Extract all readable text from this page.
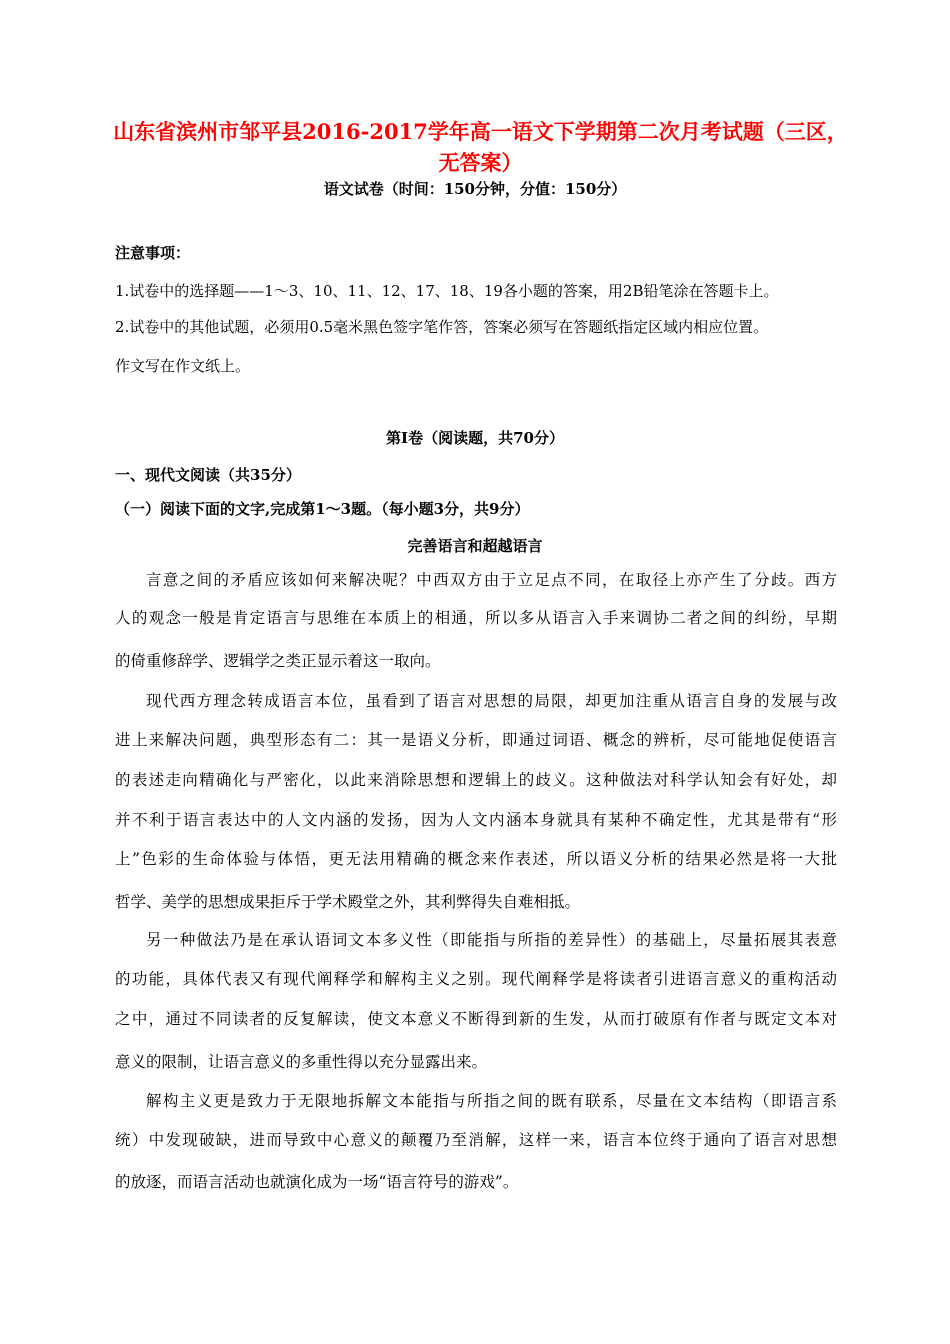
山东省滨州市邹平县2016-2017学年高一语文下学期第二次月考试题（三区，无答案）
语文试卷（时间：150分钟，分值：150分）
注意事项：
1.试卷中的选择题——1～3、10、11、12、17、18、19各小题的答案，用2B铅笔涂在答题卡上。
2.试卷中的其他试题，必须用0.5毫米黑色签字笔作答，答案必须写在答题纸指定区域内相应位置。
作文写在作文纸上。
第Ⅰ卷（阅读题，共70分）
一、现代文阅读（共35分）
（一）阅读下面的文字,完成第1～3题。（每小题3分，共9分）
完善语言和超越语言
言意之间的矛盾应该如何来解决呢？中西双方由于立足点不同，在取径上亦产生了分歧。西方
人的观念一般是肯定语言与思维在本质上的相通，所以多从语言入手来调协二者之间的纠纷，早期
的倚重修辞学、逻辑学之类正显示着这一取向。
现代西方理念转成语言本位，虽看到了语言对思想的局限，却更加注重从语言自身的发展与改
进上来解决问题，典型形态有二：其一是语义分析，即通过词语、概念的辨析，尽可能地促使语言
的表述走向精确化与严密化，以此来消除思想和逻辑上的歧义。这种做法对科学认知会有好处，却
并不利于语言表达中的人文内涵的发扬，因为人文内涵本身就具有某种不确定性，尤其是带有“形
上”色彩的生命体验与体悟，更无法用精确的概念来作表述，所以语义分析的结果必然是将一大批
哲学、美学的思想成果拒斥于学术殿堂之外，其利弊得失自难相抵。
另一种做法乃是在承认语词文本多义性（即能指与所指的差异性）的基础上，尽量拓展其表意
的功能，具体代表又有现代阐释学和解构主义之别。现代阐释学是将读者引进语言意义的重构活动
之中，通过不同读者的反复解读，使文本意义不断得到新的生发，从而打破原有作者与既定文本对
意义的限制，让语言意义的多重性得以充分显露出来。
解构主义更是致力于无限地拆解文本能指与所指之间的既有联系，尽量在文本结构（即语言系
统）中发现破缺，进而导致中心意义的颠覆乃至消解，这样一来，语言本位终于通向了语言对思想
的放逐，而语言活动也就演化成为一场“语言符号的游戏”。
